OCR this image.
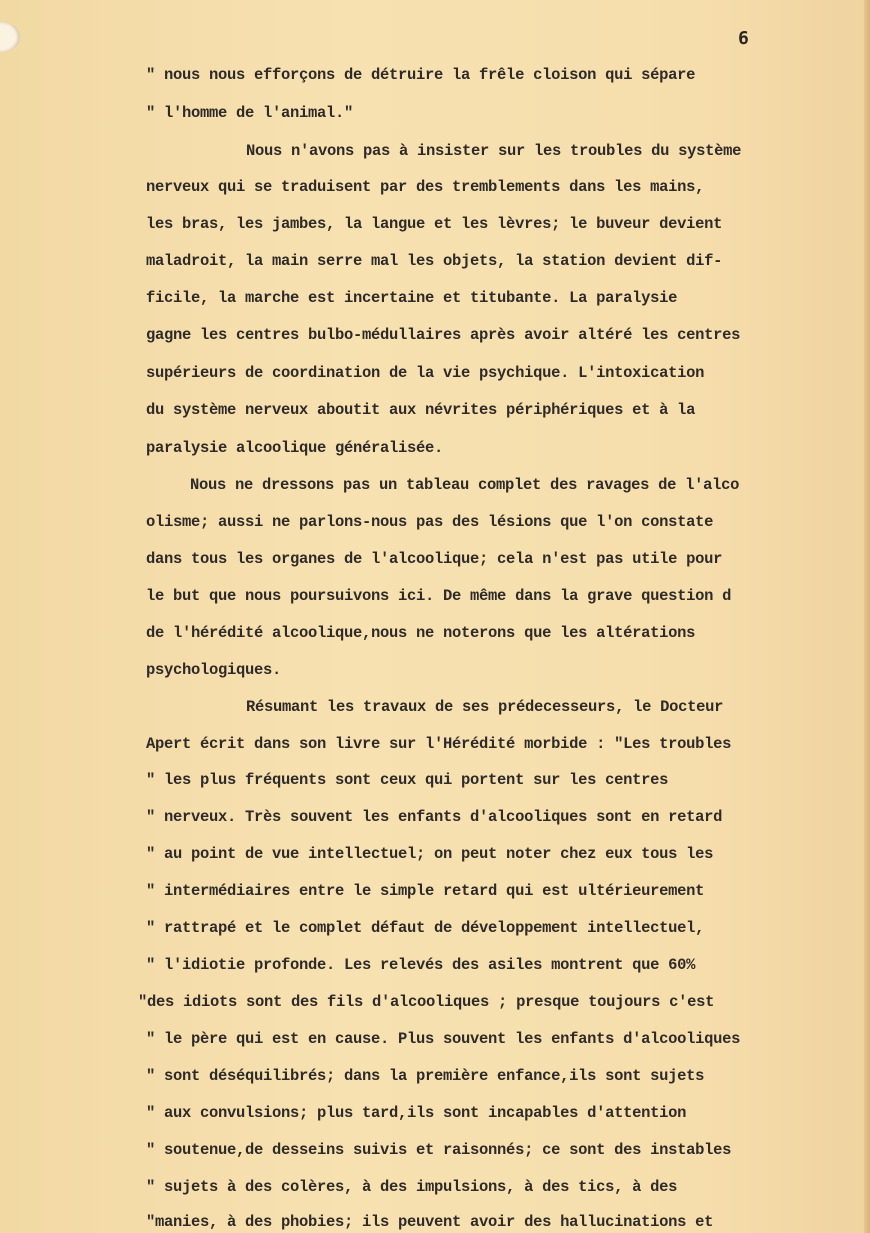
6
" nous nous efforçons de détruire la frêle cloison qui sépare
" l'homme de l'animal."
Nous n'avons pas à insister sur les troubles du système
nerveux qui se traduisent par des tremblements dans les mains,
les bras, les jambes, la langue et les lèvres; le buveur devient
maladroit, la main serre mal les objets, la station devient dif-
ficile, la marche est incertaine et titubante. La paralysie
gagne les centres bulbo-médullaires après avoir altéré les centres
supérieurs de coordination de la vie psychique. L'intoxication
du système nerveux aboutit aux névrites périphériques et à la
paralysie alcoolique généralisée.
Nous ne dressons pas un tableau complet des ravages de l'alco
olisme; aussi ne parlons-nous pas des lésions que l'on constate
dans tous les organes de l'alcoolique; cela n'est pas utile pour
le but que nous poursuivons ici. De même dans la grave question d
de l'hérédité alcoolique,nous ne noterons que les altérations
psychologiques.
Résumant les travaux de ses prédecesseurs, le Docteur
Apert écrit dans son livre sur l'Hérédité morbide : "Les troubles
" les plus fréquents sont ceux qui portent sur les centres
" nerveux. Très souvent les enfants d'alcooliques sont en retard
" au point de vue intellectuel; on peut noter chez eux tous les
" intermédiaires entre le simple retard qui est ultérieurement
" rattrapé et le complet défaut de développement intellectuel,
" l'idiotie profonde. Les relevés des asiles montrent que 60%
"des idiots sont des fils d'alcooliques ; presque toujours c'est
" le père qui est en cause. Plus souvent les enfants d'alcooliques
" sont déséquilibrés; dans la première enfance,ils sont sujets
" aux convulsions; plus tard,ils sont incapables d'attention
" soutenue,de desseins suivis et raisonnés; ce sont des instables
" sujets à des colères, à des impulsions, à des tics, à des
"manies, à des phobies; ils peuvent avoir des hallucinations et
